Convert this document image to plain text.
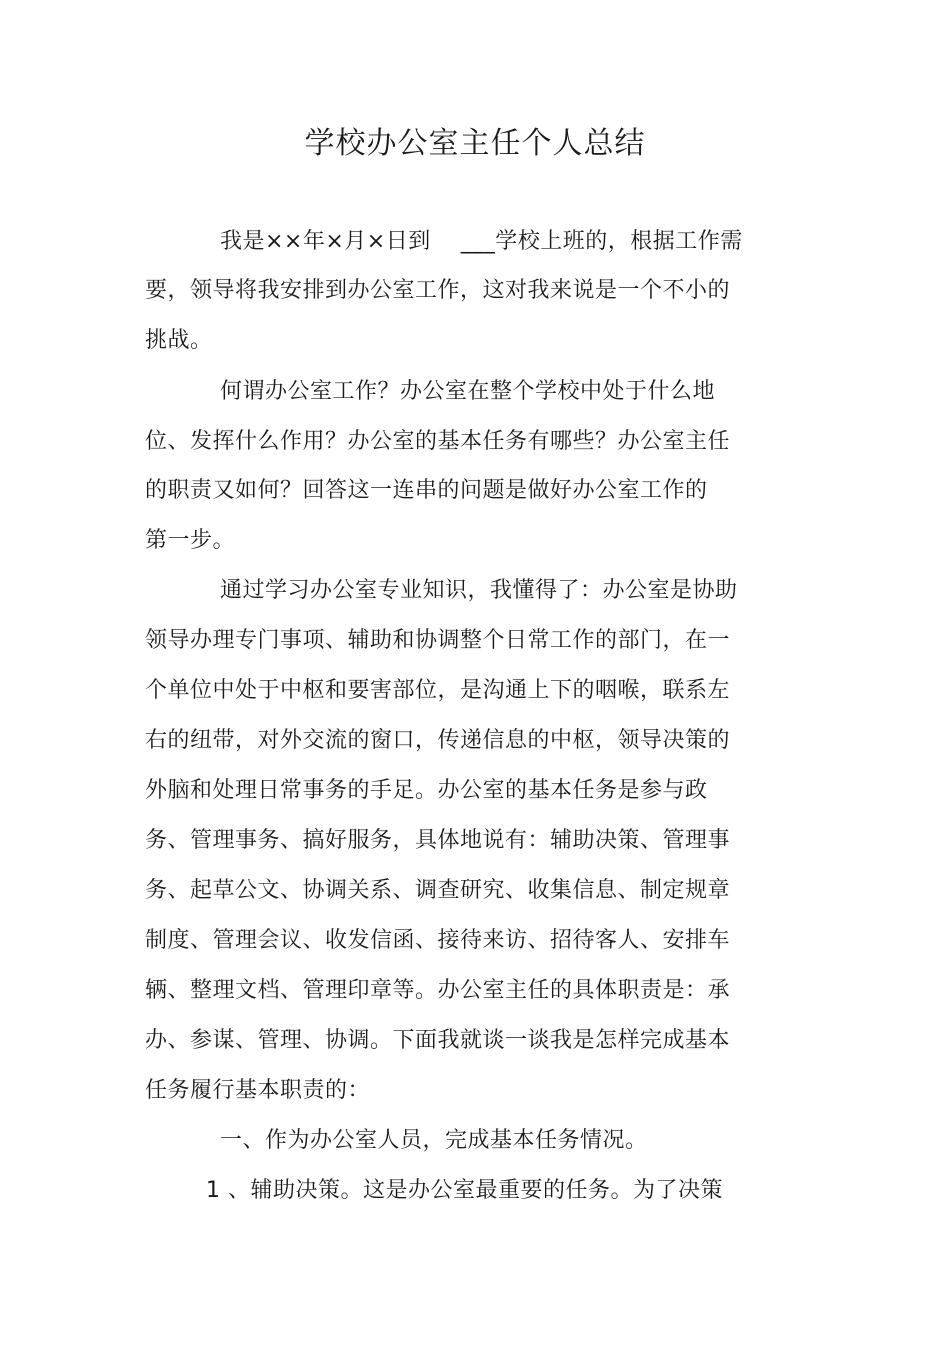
学校办公室主任个人总结
我是××年×月×日到 　___学校上班的，根据工作需
要，领导将我安排到办公室工作，这对我来说是一个不小的
挑战。
何谓办公室工作？办公室在整个学校中处于什么地
位、发挥什么作用？办公室的基本任务有哪些？办公室主任
的职责又如何？回答这一连串的问题是做好办公室工作的
第一步。
通过学习办公室专业知识，我懂得了：办公室是协助
领导办理专门事项、辅助和协调整个日常工作的部门，在一
个单位中处于中枢和要害部位，是沟通上下的咽喉，联系左
右的纽带，对外交流的窗口，传递信息的中枢，领导决策的
外脑和处理日常事务的手足。办公室的基本任务是参与政
务、管理事务、搞好服务，具体地说有：辅助决策、管理事
务、起草公文、协调关系、调查研究、收集信息、制定规章
制度、管理会议、收发信函、接待来访、招待客人、安排车
辆、整理文档、管理印章等。办公室主任的具体职责是：承
办、参谋、管理、协调。下面我就谈一谈我是怎样完成基本
任务履行基本职责的：
一、作为办公室人员，完成基本任务情况。
1 、辅助决策。这是办公室最重要的任务。为了决策
